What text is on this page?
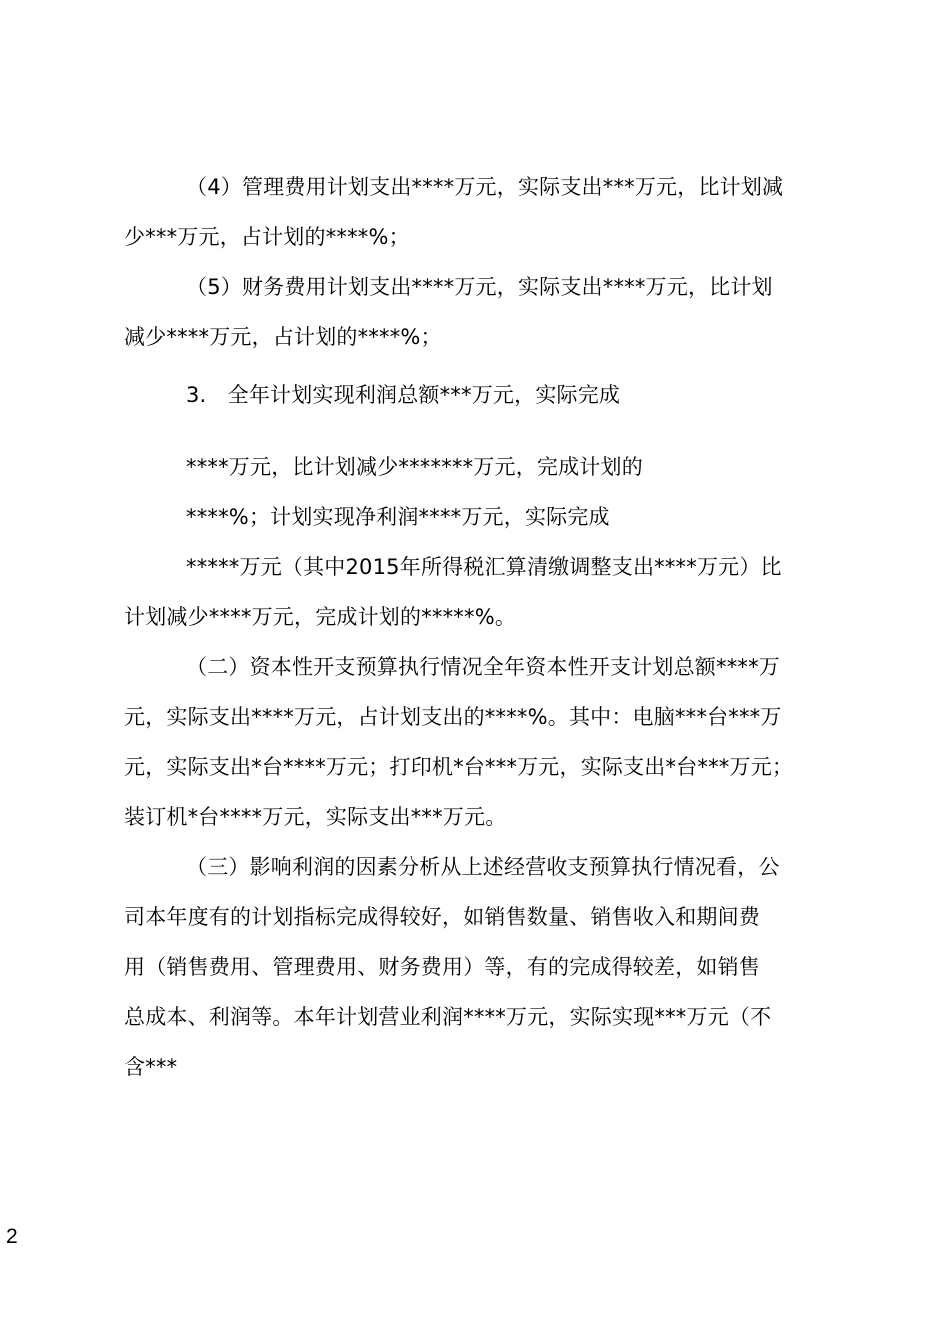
（4）管理费用计划支出****万元，实际支出***万元，比计划减
少***万元，占计划的****%；
（5）财务费用计划支出****万元，实际支出****万元，比计划
减少****万元，占计划的****%；
3.　全年计划实现利润总额***万元，实际完成
****万元，比计划减少*******万元，完成计划的
****%；计划实现净利润****万元，实际完成
*****万元（其中2015年所得税汇算清缴调整支出****万元）比
计划减少****万元，完成计划的*****%。
（二）资本性开支预算执行情况全年资本性开支计划总额****万
元，实际支出****万元，占计划支出的****%。其中：电脑***台***万
元，实际支出*台****万元；打印机*台***万元，实际支出*台***万元；
装订机*台****万元，实际支出***万元。
（三）影响利润的因素分析从上述经营收支预算执行情况看，公
司本年度有的计划指标完成得较好，如销售数量、销售收入和期间费
用（销售费用、管理费用、财务费用）等，有的完成得较差，如销售
总成本、利润等。本年计划营业利润****万元，实际实现***万元（不
含***
2
